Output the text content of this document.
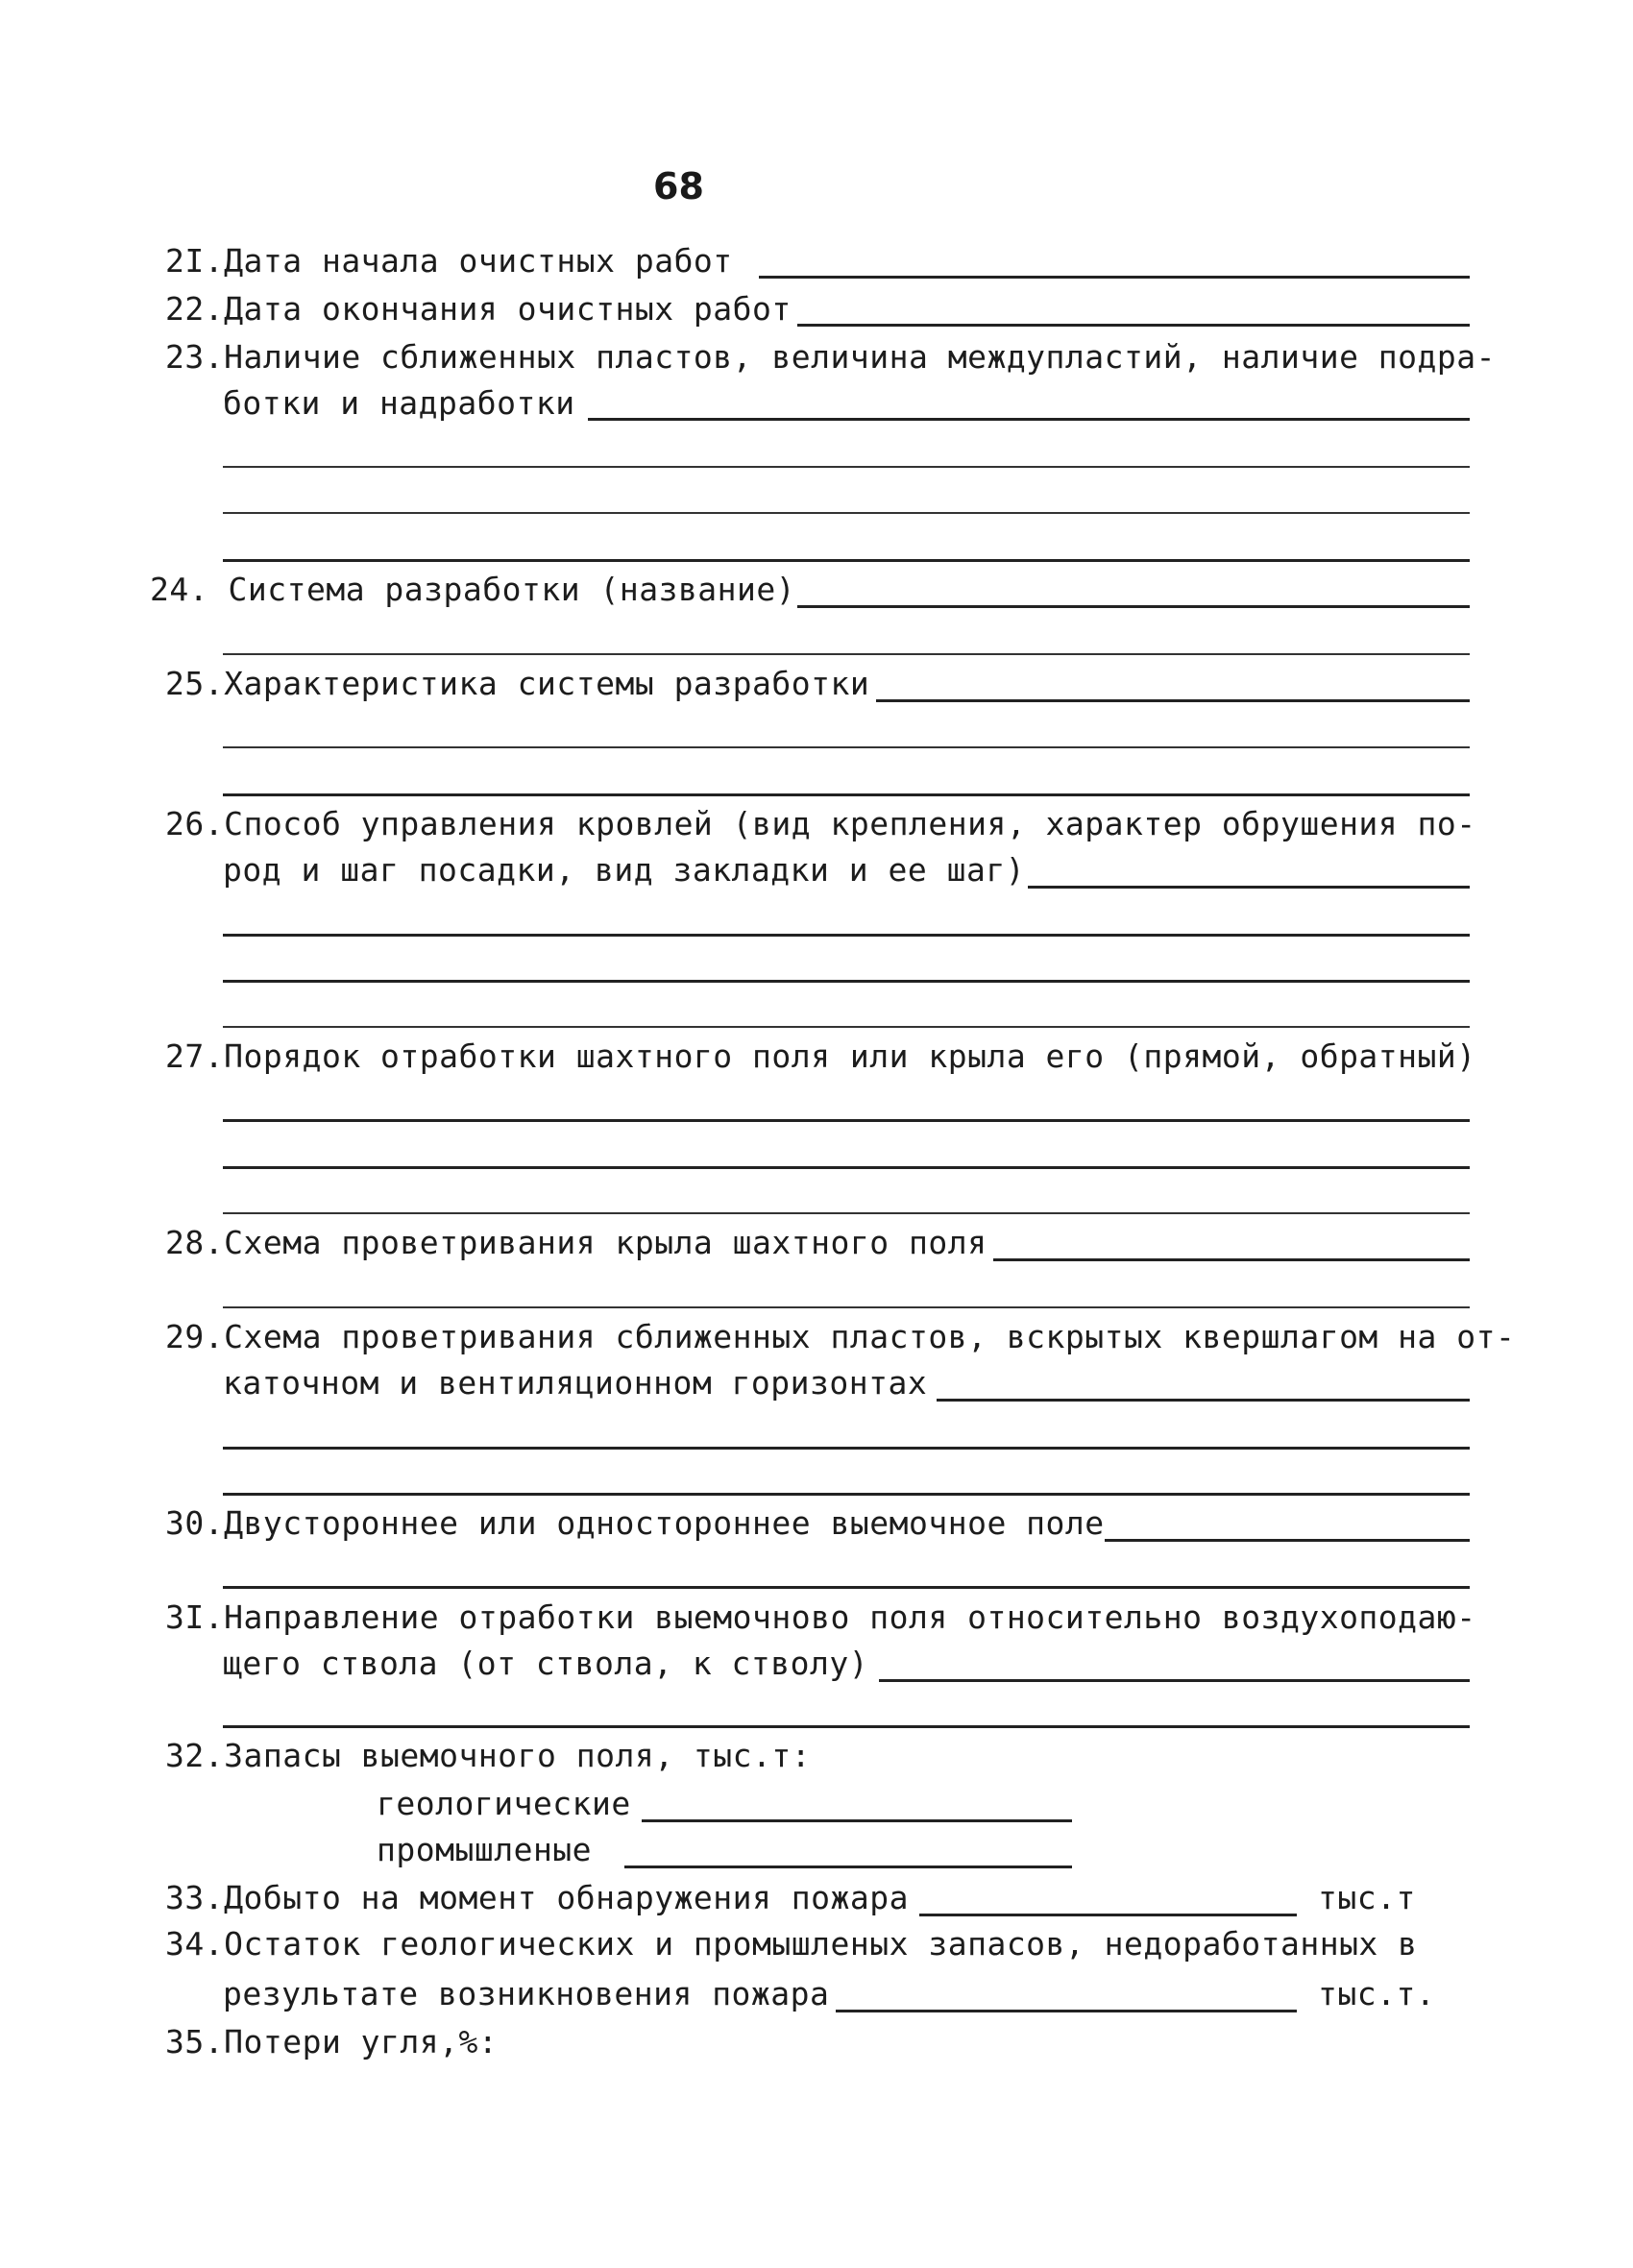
68
2I.Дата начала очистных работ
22.Дата окончания очистных работ
23.Наличие сближенных пластов, величина междупластий, наличие подра-
ботки и надработки
24. Система разработки (название)
25.Характеристика системы разработки
26.Способ управления кровлей (вид крепления, характер обрушения по-
род и шаг посадки, вид закладки и ее шаг)
27.Порядок отработки шахтного поля или крыла его (прямой, обратный)
28.Схема проветривания крыла шахтного поля
29.Схема проветривания сближенных пластов, вскрытых квершлагом на от-
каточном и вентиляционном горизонтах
30.Двустороннее или одностороннее выемочное поле
3I.Направление отработки выемочново поля относительно воздухоподаю-
щего ствола (от ствола, к стволу)
32.Запасы выемочного поля, тыс.т:
геологические
промышленые
33.Добыто на момент обнаружения пожара	тыс.т
34.Остаток геологических и промышленых запасов, недоработанных в
результате возникновения пожара	тыс.т.
35.Потери угля,%:
